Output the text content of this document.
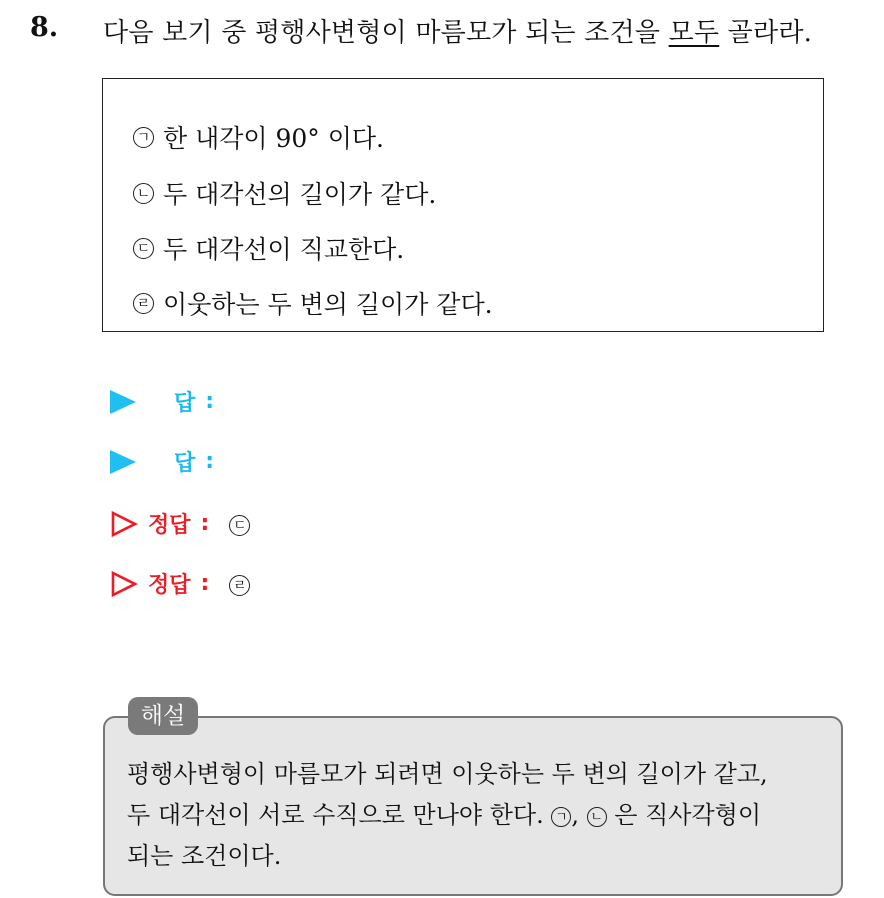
8. 다음 보기 중 평행사변형이 마름모가 되는 조건을 모두 골라라.
ㄱ 한 내각이 90° 이다.
ㄴ 두 대각선의 길이가 같다.
ㄷ 두 대각선이 직교한다.
ㄹ 이웃하는 두 변의 길이가 같다.
답 :
답 :
정답 : ㄷ
정답 : ㄹ
평행사변형이 마름모가 되려면 이웃하는 두 변의 길이가 같고,
두 대각선이 서로 수직으로 만나야 한다. ㄱ , ㄴ 은 직사각형이
되는 조건이다.
해설
